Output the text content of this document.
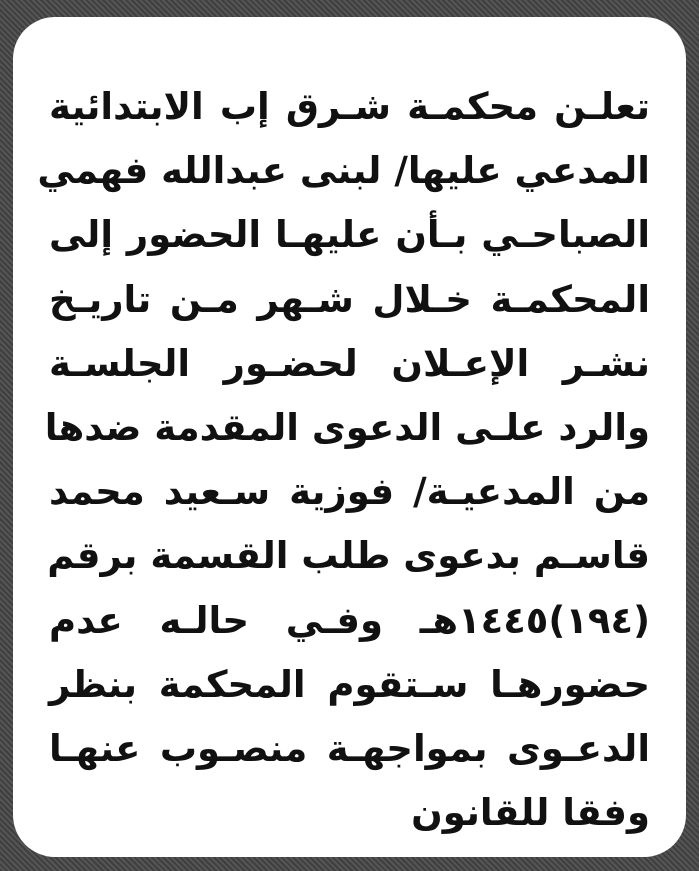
تعلـن محكمـة شـرق إب الابتدائية
المدعي عليها/ لبنى عبدالله فهمي
الصباحـي بـأن عليهـا الحضور إلى
المحكمـة خـلال شـهر مـن تاريـخ
نشـر الإعـلان لحضـور الجلسـة
والرد علـى الدعوى المقدمة ضدها
من المدعيـة/ فوزية سـعيد محمد
قاسـم بدعوى طلب القسمة برقم
(١٩٤)١٤٤٥هـ وفـي حالـه عدم
حضورهـا سـتقوم المحكمة بنظر
الدعـوى بمواجهـة منصـوب عنهـا
وفقا للقانون
